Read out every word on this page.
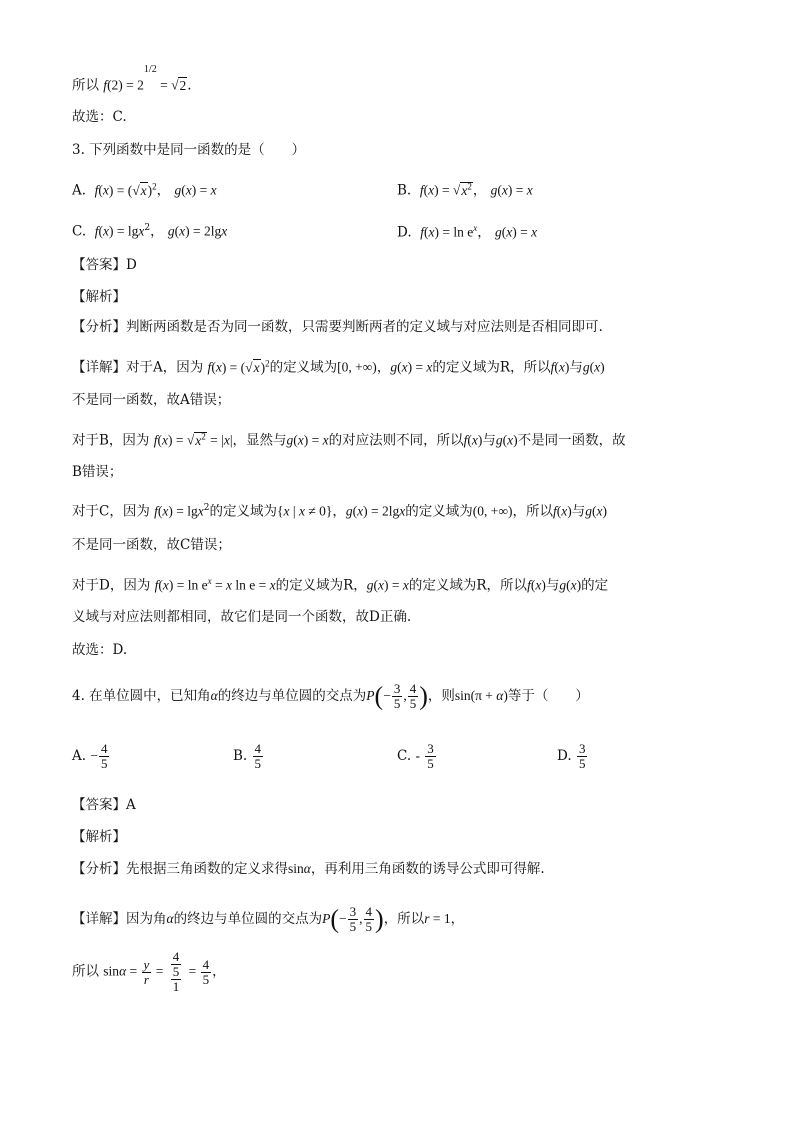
所以 $f(2) = 2^{1/2} = √2$.
故选：C.
3. 下列函数中是同一函数的是（　　）
A. $f(x) = (√x)^2$， g(x) = x	B. $f(x) = √x^2$， g(x) = x
C. f(x) = lgx$^2$， g(x) = 2lgx	D. $f(x) = \ln e^x$， g(x) = x
【答案】D
【解析】
【分析】判断两函数是否为同一函数，只需要判断两者的定义域与对应法则是否相同即可.
【详解】对于A，因为 $f(x) = (√x)^2$的定义域为[0, +∞)，g(x) = x的定义域为R，所以f(x)与g(x)
不是同一函数，故A错误；
对于B，因为 $f(x) = √x^2 = |x|$，显然与g(x) = x的对应法则不同，所以f(x)与g(x)不是同一函数，故
B错误；
对于C，因为 f(x) = lgx$^2$的定义域为{x | x ≠ 0}，g(x) = 2lgx的定义域为(0, +∞)，所以f(x)与g(x)
不是同一函数，故C错误；
对于D，因为 $f(x) = \ln e^x = x$ ln e = x的定义域为R，g(x) = x的定义域为R，所以f(x)与g(x)的定
义域与对应法则都相同，故它们是同一个函数，故D正确.
故选：D.
4. 在单位圆中，已知角α的终边与单位圆的交点为$P(- \frac{3}{5}$ , $\frac{4}{5}$ )，则sin(π + α)等于（　　）
A. − $\frac{4}{5}$	B. $\frac{4}{5}$	C. - $\frac{3}{5}$	D. $\frac{3}{5}$
【答案】A
【解析】
【分析】先根据三角函数的定义求得sinα，再利用三角函数的诱导公式即可得解.
【详解】因为角α的终边与单位圆的交点为$P(- \frac{3}{5}$ , $\frac{4}{5}$ )，所以r = 1，
所以 $\sin\alpha = \frac{y}{r} = \frac{\frac{4}{5}}{1} = \frac{4}{5}$ ，
